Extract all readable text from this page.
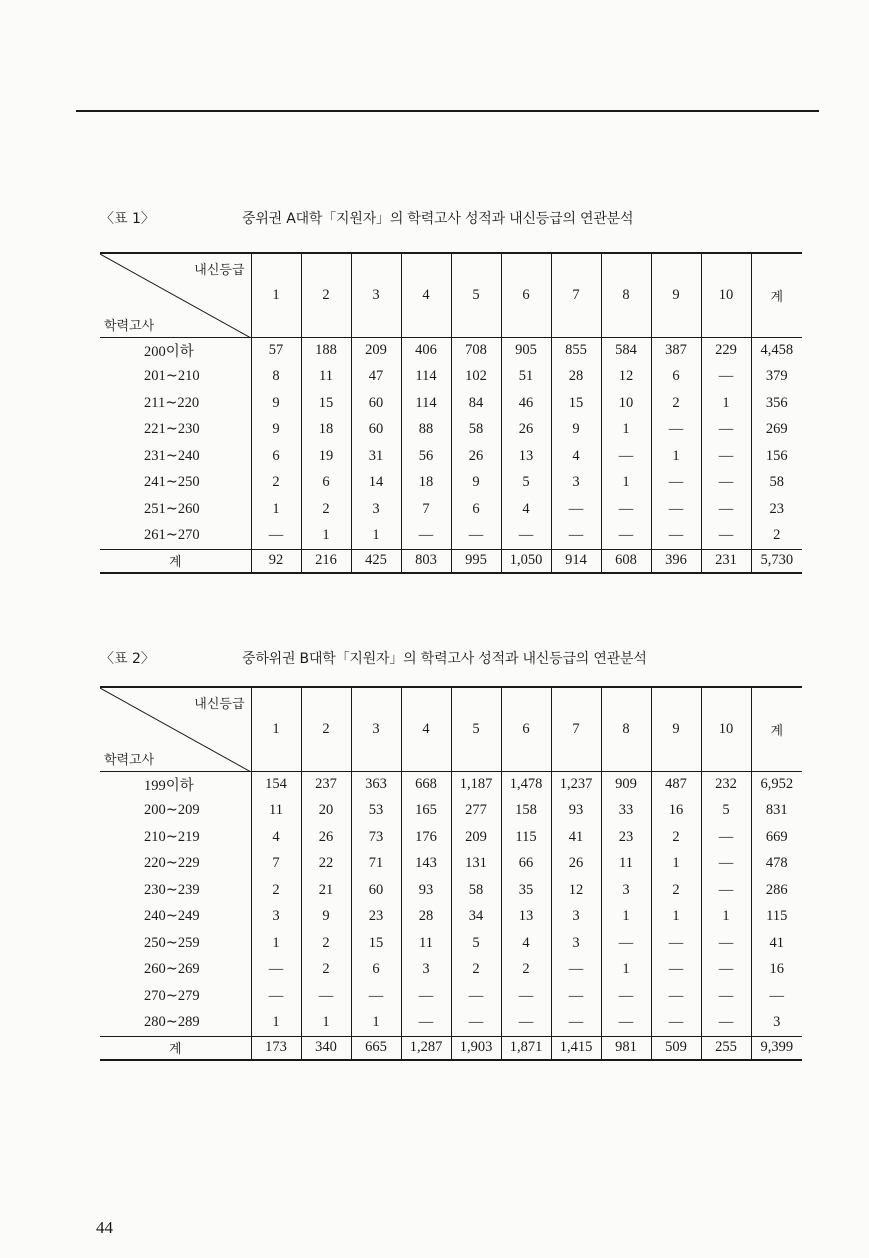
〈표 1〉	중위권 A대학「지원자」의 학력고사 성적과 내신등급의 연관분석
내신등급
학력고사	1	2	3	4	5	6	7	8	9	10	계
200이하	57	188	209	406	708	905	855	584	387	229	4,458
201∼210	8	11	47	114	102	51	28	12	6	—	379
211∼220	9	15	60	114	84	46	15	10	2	1	356
221∼230	9	18	60	88	58	26	9	1	—	—	269
231∼240	6	19	31	56	26	13	4	—	1	—	156
241∼250	2	6	14	18	9	5	3	1	—	—	58
251∼260	1	2	3	7	6	4	—	—	—	—	23
261∼270	—	1	1	—	—	—	—	—	—	—	2
계	92	216	425	803	995	1,050	914	608	396	231	5,730
〈표 2〉	중하위권 B대학「지원자」의 학력고사 성적과 내신등급의 연관분석
내신등급
학력고사	1	2	3	4	5	6	7	8	9	10	계
199이하	154	237	363	668	1,187	1,478	1,237	909	487	232	6,952
200∼209	11	20	53	165	277	158	93	33	16	5	831
210∼219	4	26	73	176	209	115	41	23	2	—	669
220∼229	7	22	71	143	131	66	26	11	1	—	478
230∼239	2	21	60	93	58	35	12	3	2	—	286
240∼249	3	9	23	28	34	13	3	1	1	1	115
250∼259	1	2	15	11	5	4	3	—	—	—	41
260∼269	—	2	6	3	2	2	—	1	—	—	16
270∼279	—	—	—	—	—	—	—	—	—	—	—
280∼289	1	1	1	—	—	—	—	—	—	—	3
계	173	340	665	1,287	1,903	1,871	1,415	981	509	255	9,399
44
